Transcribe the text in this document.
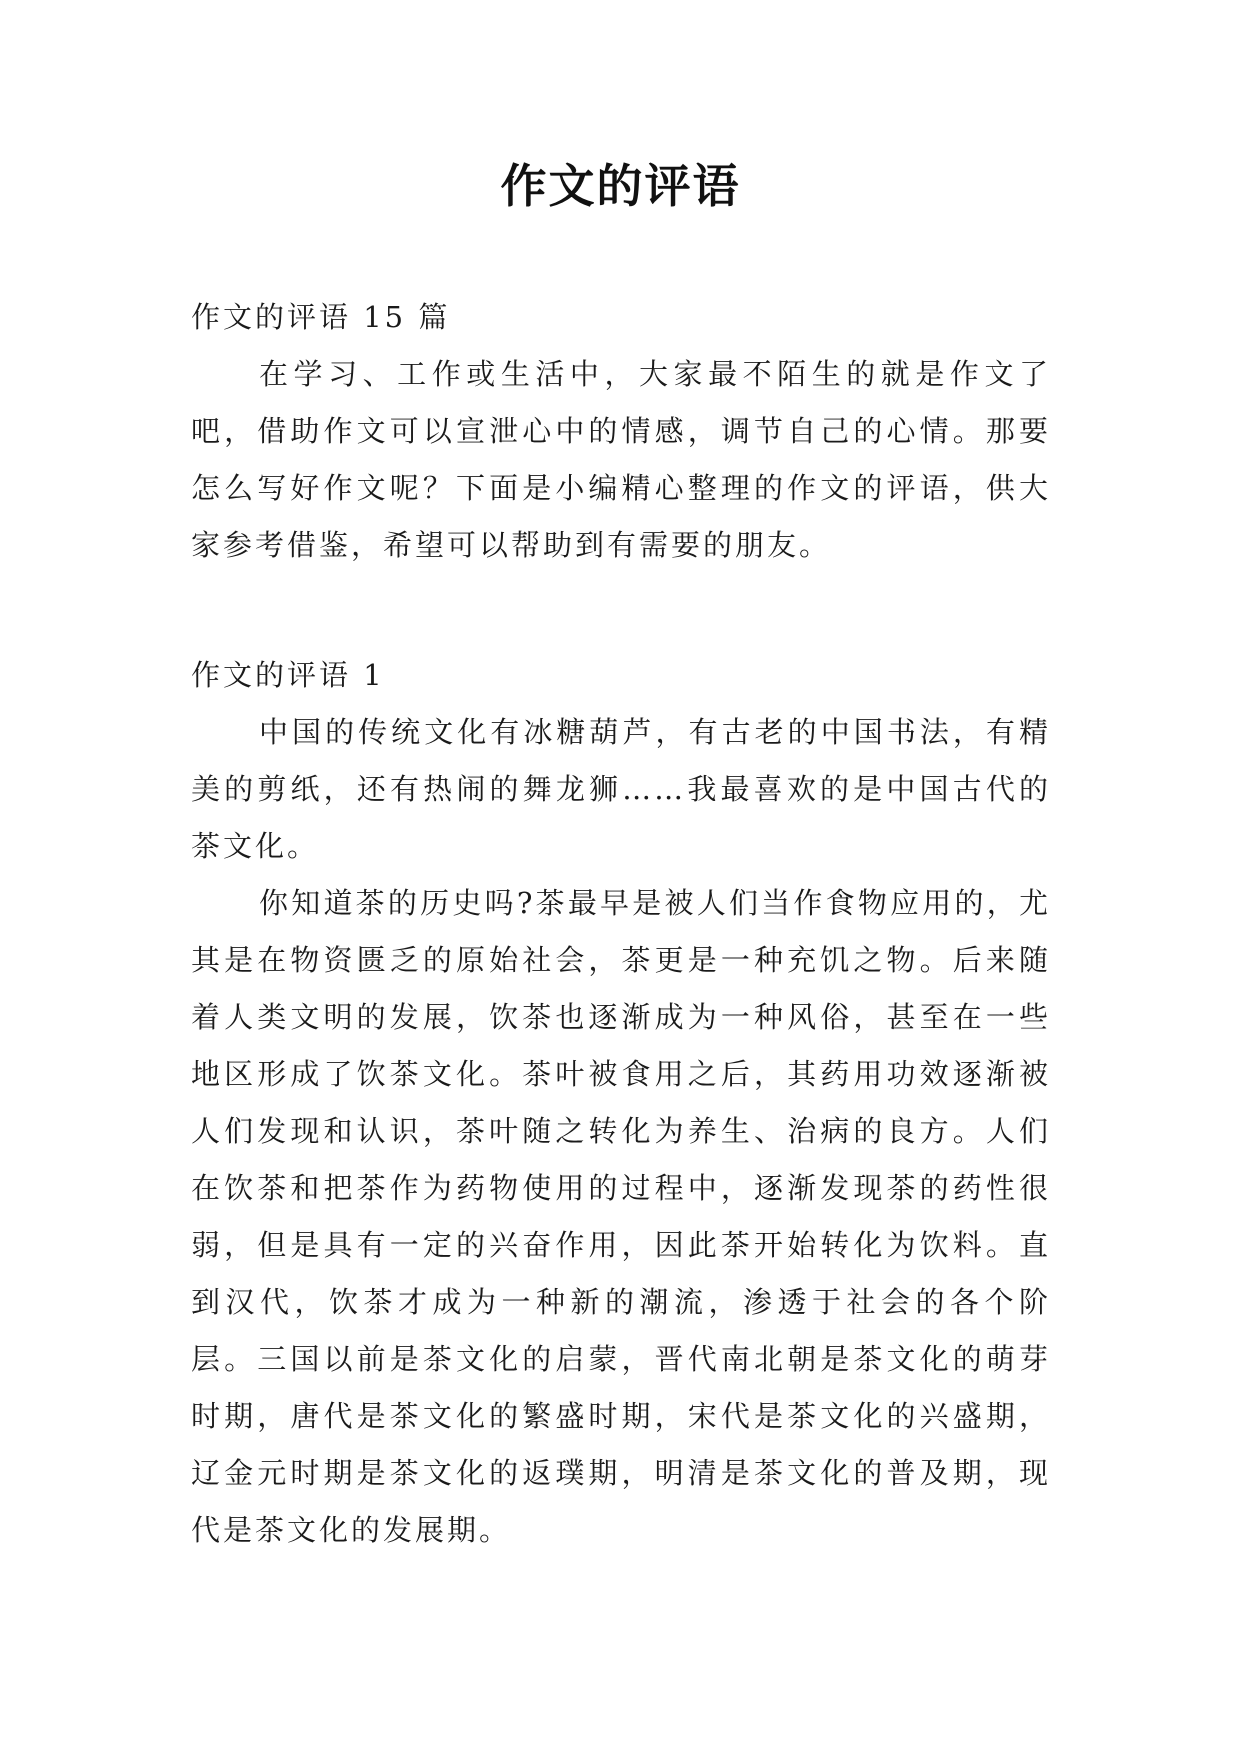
作文的评语

作文的评语 15 篇

在学习、工作或生活中，大家最不陌生的就是作文了吧，借助作文可以宣泄心中的情感，调节自己的心情。那要怎么写好作文呢？下面是小编精心整理的作文的评语，供大家参考借鉴，希望可以帮助到有需要的朋友。

作文的评语 1

中国的传统文化有冰糖葫芦，有古老的中国书法，有精美的剪纸，还有热闹的舞龙狮……我最喜欢的是中国古代的茶文化。

你知道茶的历史吗?茶最早是被人们当作食物应用的，尤其是在物资匮乏的原始社会，茶更是一种充饥之物。后来随着人类文明的发展，饮茶也逐渐成为一种风俗，甚至在一些地区形成了饮茶文化。茶叶被食用之后，其药用功效逐渐被人们发现和认识，茶叶随之转化为养生、治病的良方。人们在饮茶和把茶作为药物使用的过程中，逐渐发现茶的药性很弱，但是具有一定的兴奋作用，因此茶开始转化为饮料。直到汉代，饮茶才成为一种新的潮流，渗透于社会的各个阶层。三国以前是茶文化的启蒙，晋代南北朝是茶文化的萌芽时期，唐代是茶文化的繁盛时期，宋代是茶文化的兴盛期，辽金元时期是茶文化的返璞期，明清是茶文化的普及期，现代是茶文化的发展期。
